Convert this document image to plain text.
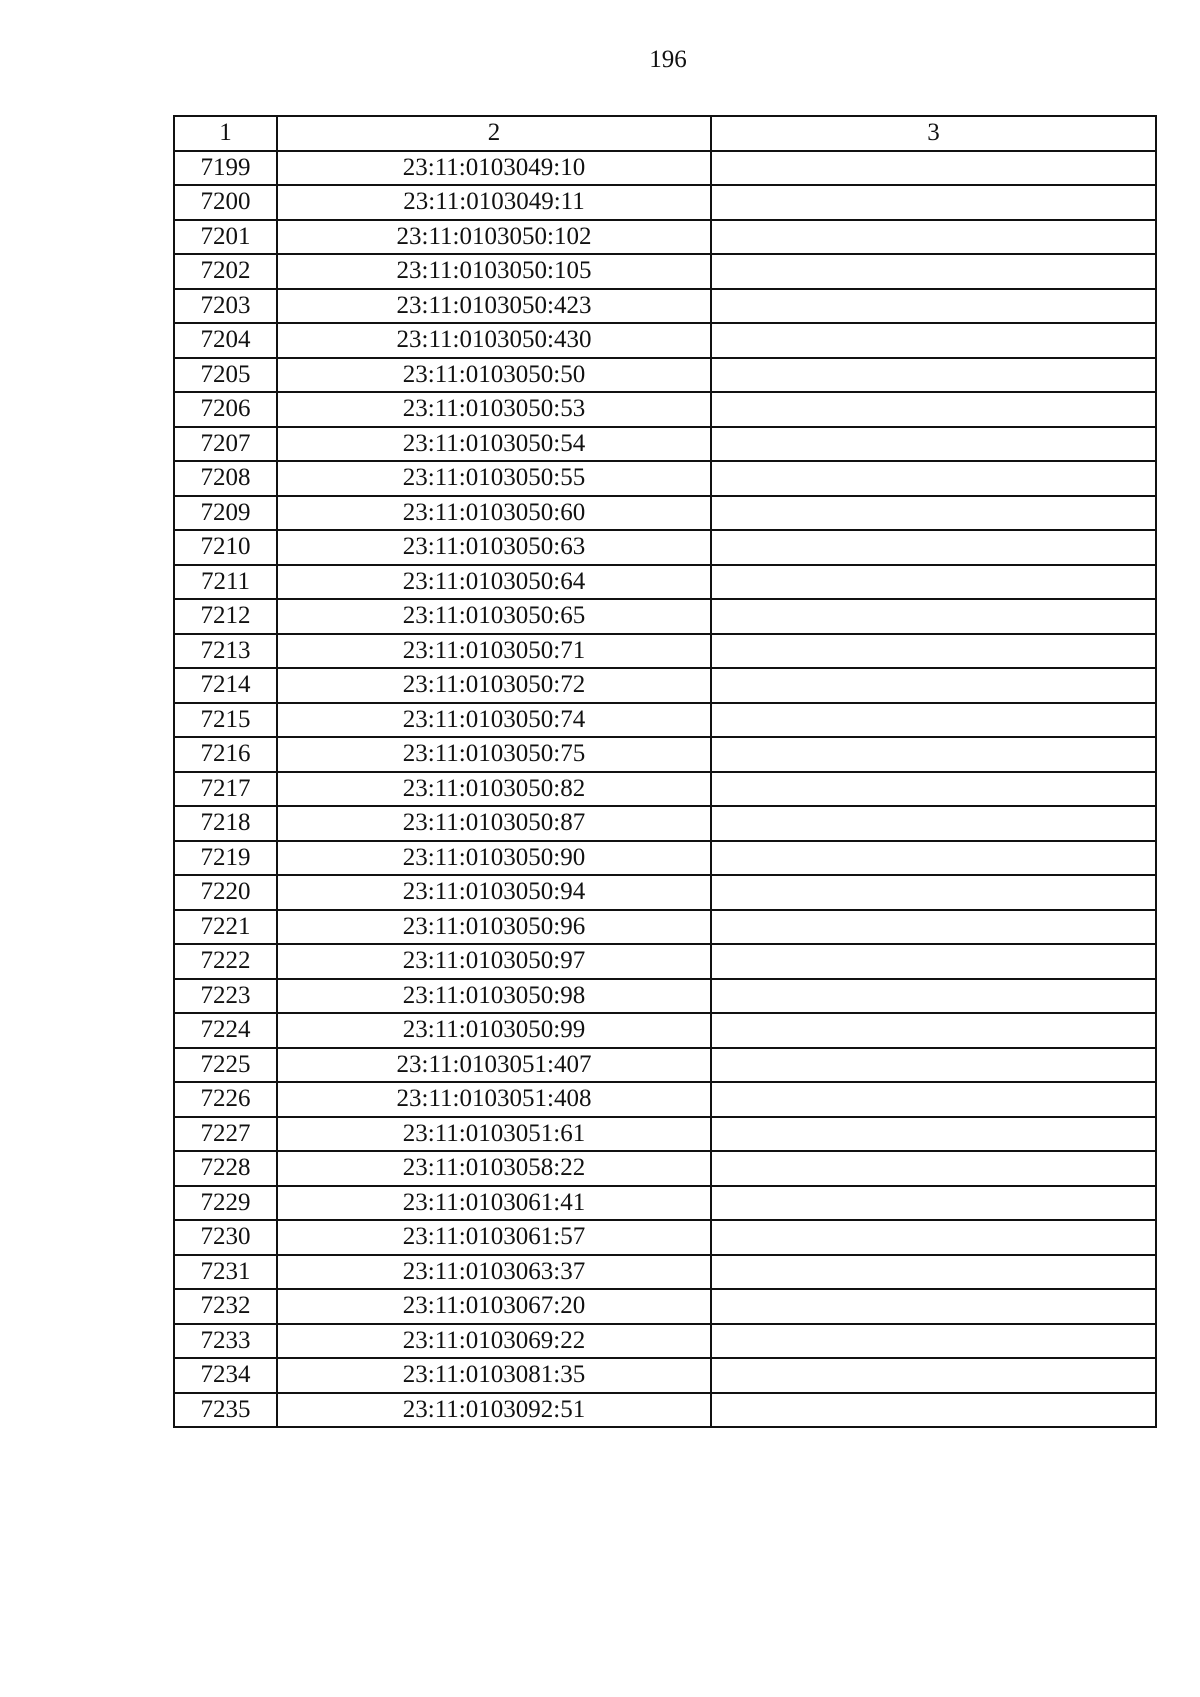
196
1	2	3
7199	23:11:0103049:10	
7200	23:11:0103049:11	
7201	23:11:0103050:102	
7202	23:11:0103050:105	
7203	23:11:0103050:423	
7204	23:11:0103050:430	
7205	23:11:0103050:50	
7206	23:11:0103050:53	
7207	23:11:0103050:54	
7208	23:11:0103050:55	
7209	23:11:0103050:60	
7210	23:11:0103050:63	
7211	23:11:0103050:64	
7212	23:11:0103050:65	
7213	23:11:0103050:71	
7214	23:11:0103050:72	
7215	23:11:0103050:74	
7216	23:11:0103050:75	
7217	23:11:0103050:82	
7218	23:11:0103050:87	
7219	23:11:0103050:90	
7220	23:11:0103050:94	
7221	23:11:0103050:96	
7222	23:11:0103050:97	
7223	23:11:0103050:98	
7224	23:11:0103050:99	
7225	23:11:0103051:407	
7226	23:11:0103051:408	
7227	23:11:0103051:61	
7228	23:11:0103058:22	
7229	23:11:0103061:41	
7230	23:11:0103061:57	
7231	23:11:0103063:37	
7232	23:11:0103067:20	
7233	23:11:0103069:22	
7234	23:11:0103081:35	
7235	23:11:0103092:51	
